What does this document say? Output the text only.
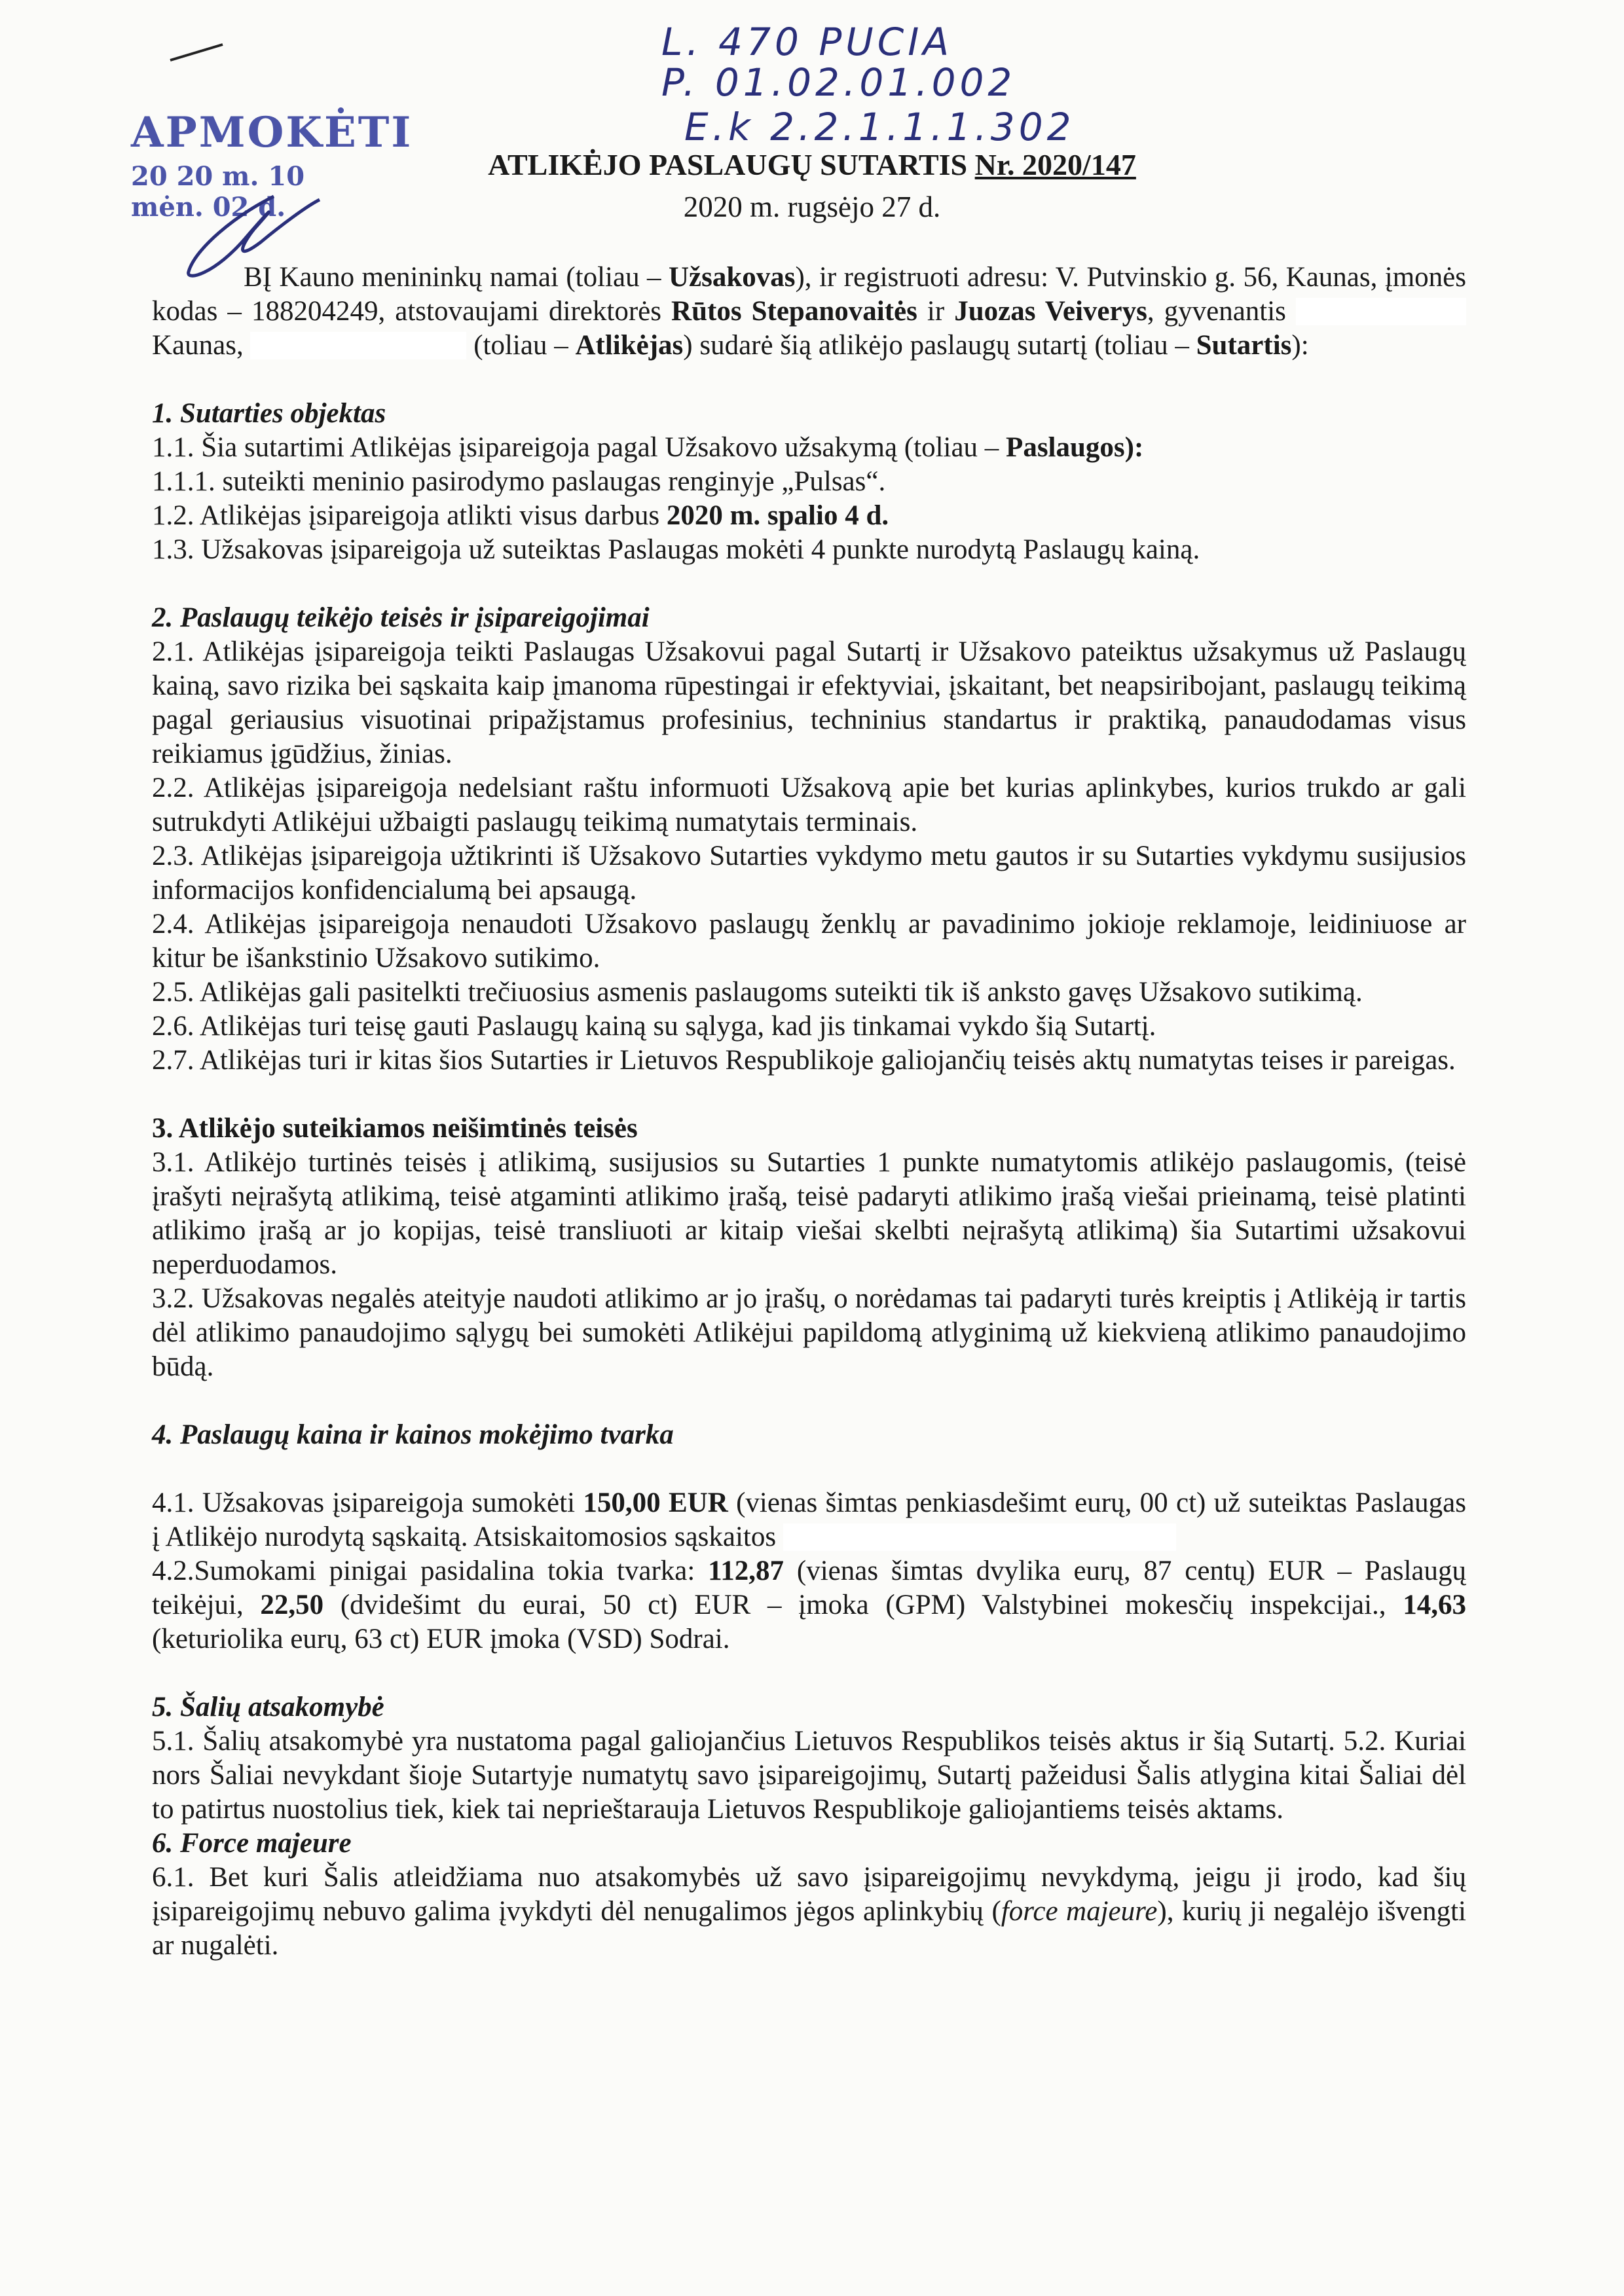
L. 470 PUCIA
P. 01.02.01.002
E.k 2.2.1.1.1.302
APMOKĖTI
20 20 m. 10 mėn. 02 d.
ATLIKĖJO PASLAUGŲ SUTARTIS Nr. 2020/147
2020 m. rugsėjo 27 d.

BĮ Kauno menininkų namai (toliau – Užsakovas), ir registruoti adresu: V. Putvinskio g. 56, Kaunas, įmonės kodas – 188204249, atstovaujami direktorės Rūtos Stepanovaitės ir Juozas Veiverys, gyvenantis  Kaunas,	(toliau – Atlikėjas) sudarė šią atlikėjo paslaugų sutartį (toliau – Sutartis):

1. Sutarties objektas

1.1. Šia sutartimi Atlikėjas įsipareigoja pagal Užsakovo užsakymą (toliau – Paslaugos):

1.1.1. suteikti meninio pasirodymo paslaugas renginyje „Pulsas“.

1.2. Atlikėjas įsipareigoja atlikti visus darbus 2020 m. spalio 4 d.

1.3. Užsakovas įsipareigoja už suteiktas Paslaugas mokėti 4 punkte nurodytą Paslaugų kainą.

2. Paslaugų teikėjo teisės ir įsipareigojimai

2.1. Atlikėjas įsipareigoja teikti Paslaugas Užsakovui pagal Sutartį ir Užsakovo pateiktus užsakymus už Paslaugų kainą, savo rizika bei sąskaita kaip įmanoma rūpestingai ir efektyviai, įskaitant, bet neapsiribojant, paslaugų teikimą pagal geriausius visuotinai pripažįstamus profesinius, techninius standartus ir praktiką, panaudodamas visus reikiamus įgūdžius, žinias.

2.2. Atlikėjas įsipareigoja nedelsiant raštu informuoti Užsakovą apie bet kurias aplinkybes, kurios trukdo ar gali sutrukdyti Atlikėjui užbaigti paslaugų teikimą numatytais terminais.

2.3. Atlikėjas įsipareigoja užtikrinti iš Užsakovo Sutarties vykdymo metu gautos ir su Sutarties vykdymu susijusios informacijos konfidencialumą bei apsaugą.

2.4. Atlikėjas įsipareigoja nenaudoti Užsakovo paslaugų ženklų ar pavadinimo jokioje reklamoje, leidiniuose ar kitur be išankstinio Užsakovo sutikimo.

2.5. Atlikėjas gali pasitelkti trečiuosius asmenis paslaugoms suteikti tik iš anksto gavęs Užsakovo sutikimą.

2.6. Atlikėjas turi teisę gauti Paslaugų kainą su sąlyga, kad jis tinkamai vykdo šią Sutartį.

2.7. Atlikėjas turi ir kitas šios Sutarties ir Lietuvos Respublikoje galiojančių teisės aktų numatytas teises ir pareigas.

3. Atlikėjo suteikiamos neišimtinės teisės

3.1. Atlikėjo turtinės teisės į atlikimą, susijusios su Sutarties 1 punkte numatytomis atlikėjo paslaugomis, (teisė įrašyti neįrašytą atlikimą, teisė atgaminti atlikimo įrašą, teisė padaryti atlikimo įrašą viešai prieinamą, teisė platinti atlikimo įrašą ar jo kopijas, teisė transliuoti ar kitaip viešai skelbti neįrašytą atlikimą) šia Sutartimi užsakovui neperduodamos.

3.2. Užsakovas negalės ateityje naudoti atlikimo ar jo įrašų, o norėdamas tai padaryti turės kreiptis į Atlikėją ir tartis dėl atlikimo panaudojimo sąlygų bei sumokėti Atlikėjui papildomą atlyginimą už kiekvieną atlikimo panaudojimo būdą.

4. Paslaugų kaina ir kainos mokėjimo tvarka

4.1. Užsakovas įsipareigoja sumokėti 150,00 EUR (vienas šimtas penkiasdešimt eurų, 00 ct) už suteiktas Paslaugas į Atlikėjo nurodytą sąskaitą. Atsiskaitomosios sąskaitos

4.2.Sumokami pinigai pasidalina tokia tvarka: 112,87 (vienas šimtas dvylika eurų, 87 centų) EUR – Paslaugų teikėjui, 22,50 (dvidešimt du eurai, 50 ct) EUR – įmoka (GPM) Valstybinei mokesčių inspekcijai., 14,63 (keturiolika eurų, 63 ct) EUR įmoka (VSD) Sodrai.

5. Šalių atsakomybė

5.1. Šalių atsakomybė yra nustatoma pagal galiojančius Lietuvos Respublikos teisės aktus ir šią Sutartį. 5.2. Kuriai nors Šaliai nevykdant šioje Sutartyje numatytų savo įsipareigojimų, Sutartį pažeidusi Šalis atlygina kitai Šaliai dėl to patirtus nuostolius tiek, kiek tai neprieštarauja Lietuvos Respublikoje galiojantiems teisės aktams.

6. Force majeure

6.1. Bet kuri Šalis atleidžiama nuo atsakomybės už savo įsipareigojimų nevykdymą, jeigu ji įrodo, kad šių įsipareigojimų nebuvo galima įvykdyti dėl nenugalimos jėgos aplinkybių (force majeure), kurių ji negalėjo išvengti ar nugalėti.
